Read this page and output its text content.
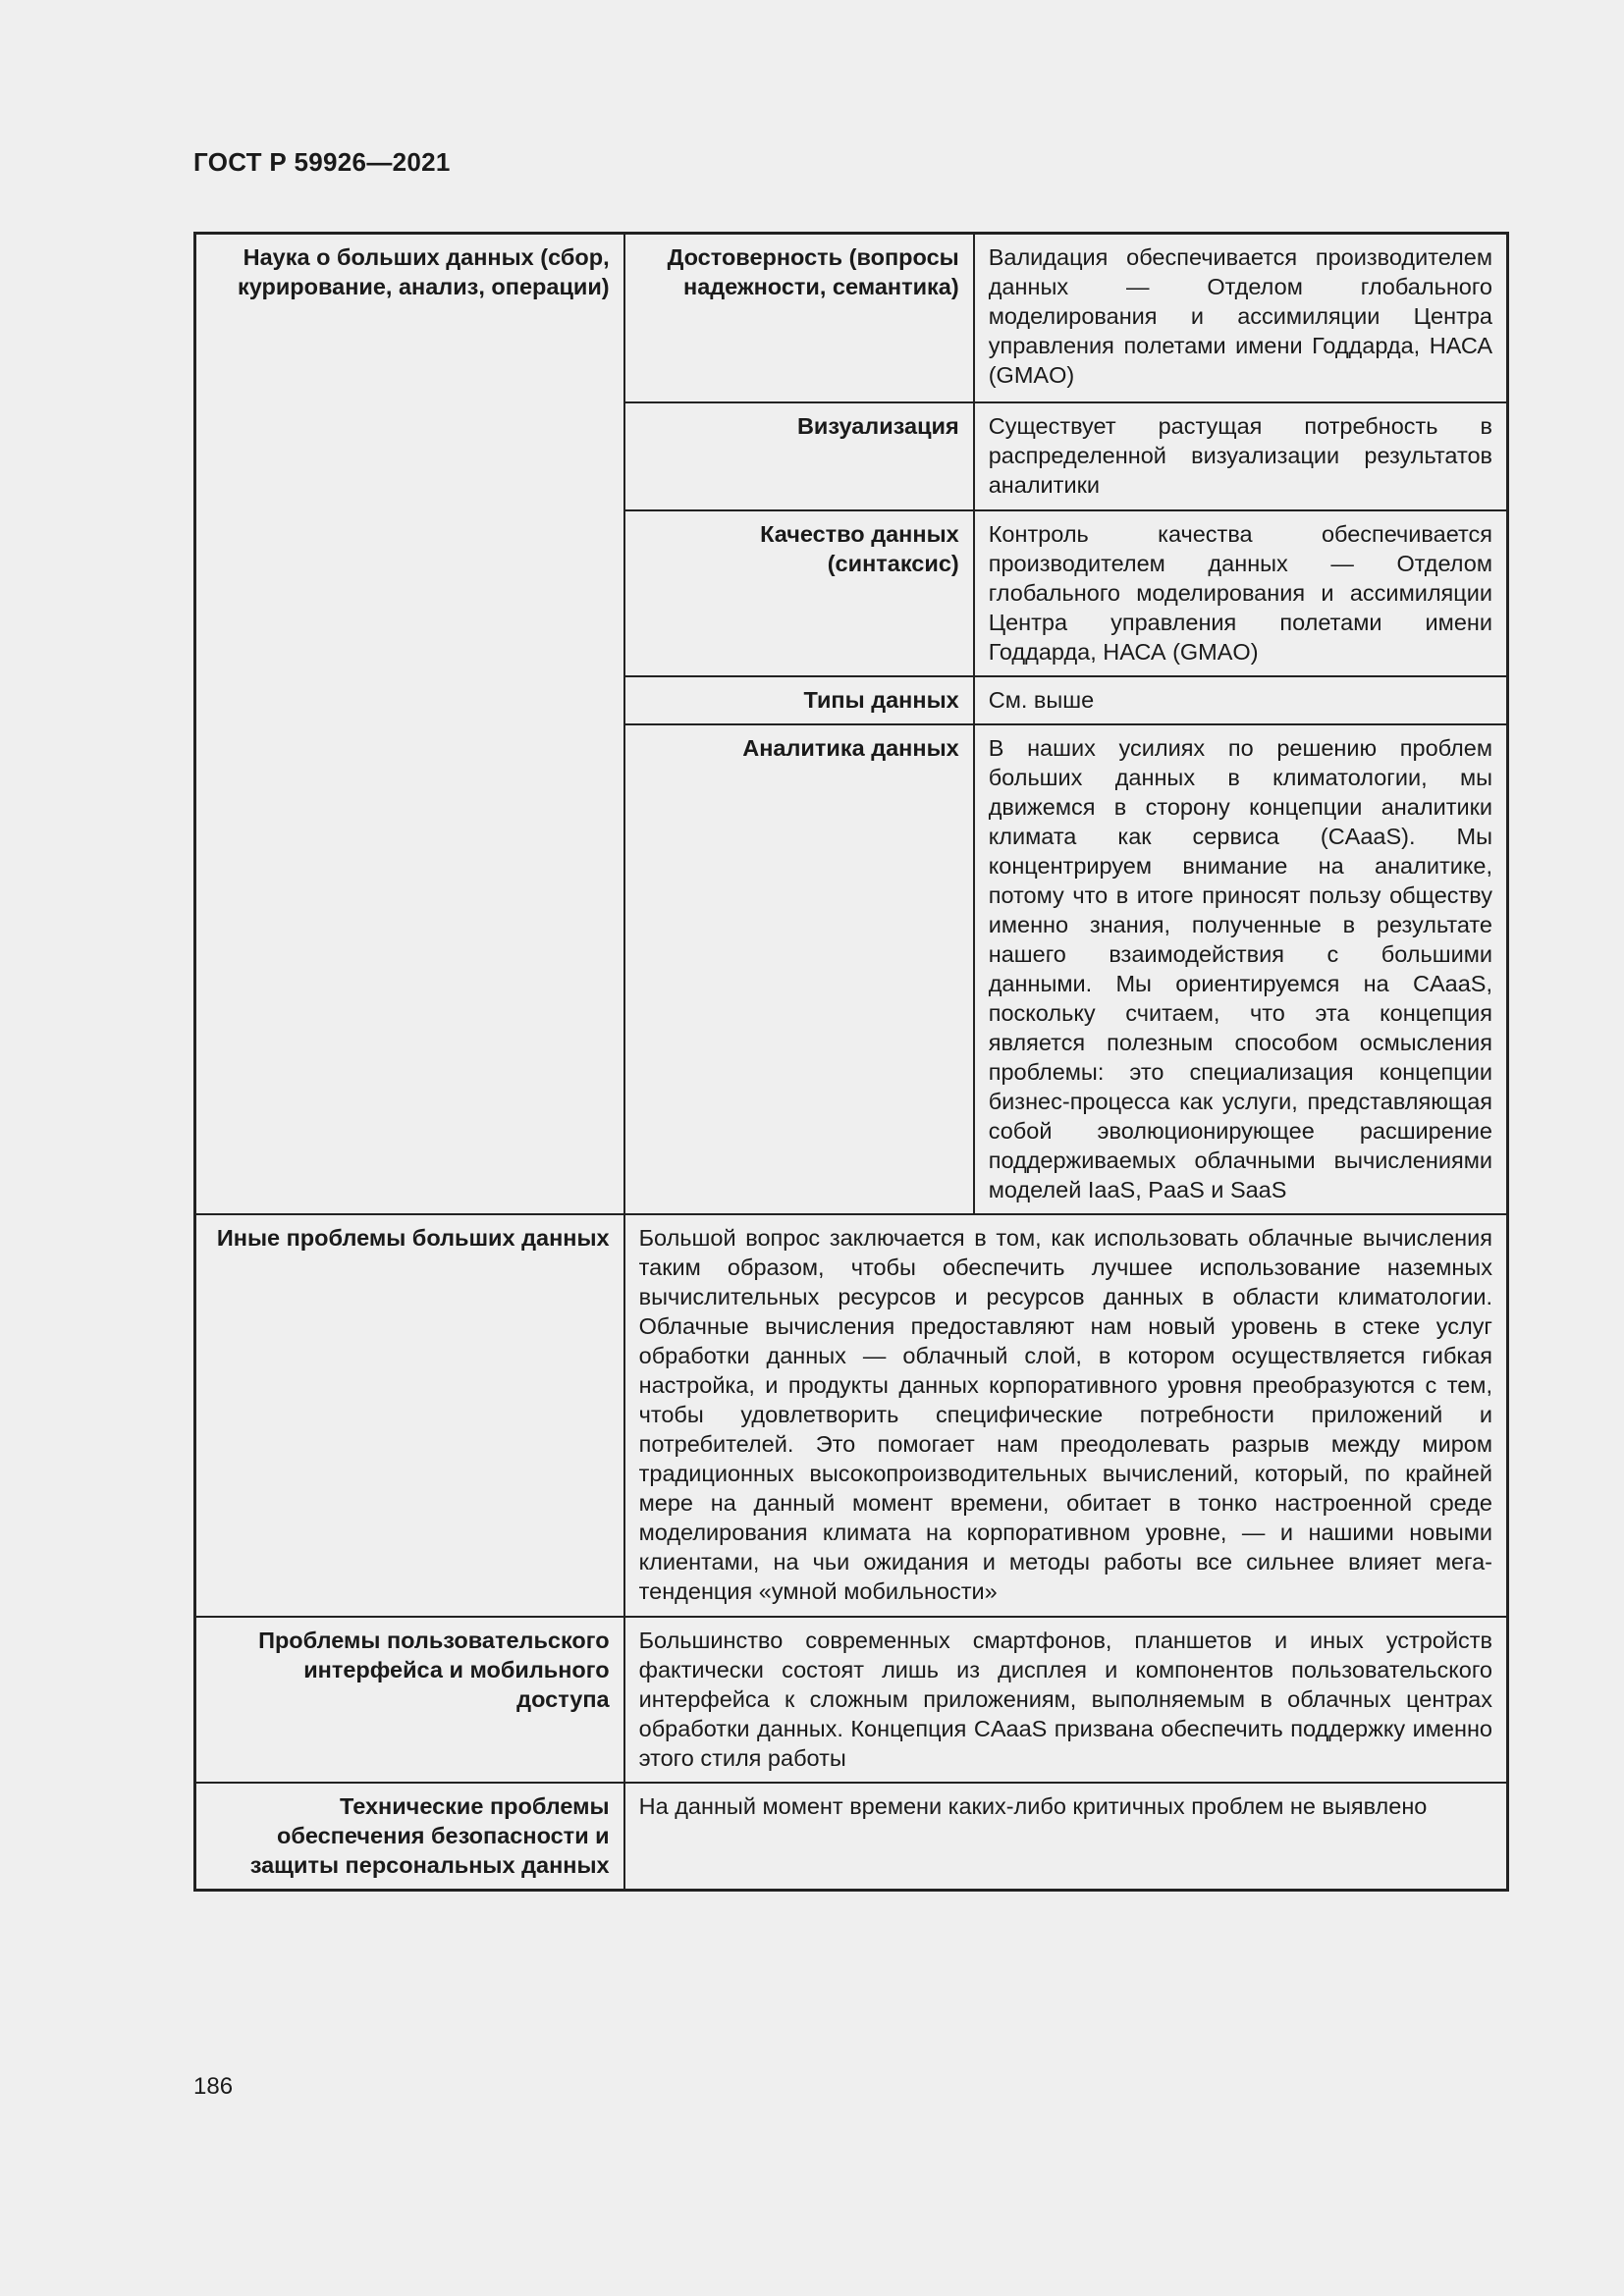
ГОСТ Р 59926—2021
Наука о больших данных (сбор, курирование, анализ, операции)	Достоверность (вопросы надежности, семантика)	Валидация обеспечивается производителем данных — Отделом глобального моделирования и ассимиляции Центра управления полетами имени Годдарда, НАСА (GMAO)
	Визуализация	Существует растущая потребность в распределенной визуализации результатов аналитики
	Качество данных (синтаксис)	Контроль качества обеспечивается производителем данных — Отделом глобального моделирования и ассимиляции Центра управления полетами имени Годдарда, НАСА (GMAO)
	Типы данных	См. выше
	Аналитика данных	В наших усилиях по решению проблем больших данных в климатологии, мы движемся в сторону концепции аналитики климата как сервиса (CAaaS). Мы концентрируем внимание на аналитике, потому что в итоге приносят пользу обществу именно знания, полученные в результате нашего взаимодействия с большими данными. Мы ориентируемся на CAaaS, поскольку считаем, что эта концепция является полезным способом осмысления проблемы: это специализация концепции бизнес-процесса как услуги, представляющая собой эволюционирующее расширение поддерживаемых облачными вычислениями моделей IaaS, PaaS и SaaS
Иные проблемы больших данных	Большой вопрос заключается в том, как использовать облачные вычисления таким образом, чтобы обеспечить лучшее использование наземных вычислительных ресурсов и ресурсов данных в области климатологии. Облачные вычисления предоставляют нам новый уровень в стеке услуг обработки данных — облачный слой, в котором осуществляется гибкая настройка, и продукты данных корпоративного уровня преобразуются с тем, чтобы удовлетворить специфические потребности приложений и потребителей. Это помогает нам преодолевать разрыв между миром традиционных высокопроизводительных вычислений, который, по крайней мере на данный момент времени, обитает в тонко настроенной среде моделирования климата на корпоративном уровне, — и нашими новыми клиентами, на чьи ожидания и методы работы все сильнее влияет мега-тенденция «умной мобильности»	
Проблемы пользовательского интерфейса и мобильного доступа	Большинство современных смартфонов, планшетов и иных устройств фактически состоят лишь из дисплея и компонентов пользовательского интерфейса к сложным приложениям, выполняемым в облачных центрах обработки данных. Концепция CAaaS призвана обеспечить поддержку именно этого стиля работы	
Технические проблемы обеспечения безопасности и защиты персональных данных	На данный момент времени каких-либо критичных проблем не выявлено	
186
